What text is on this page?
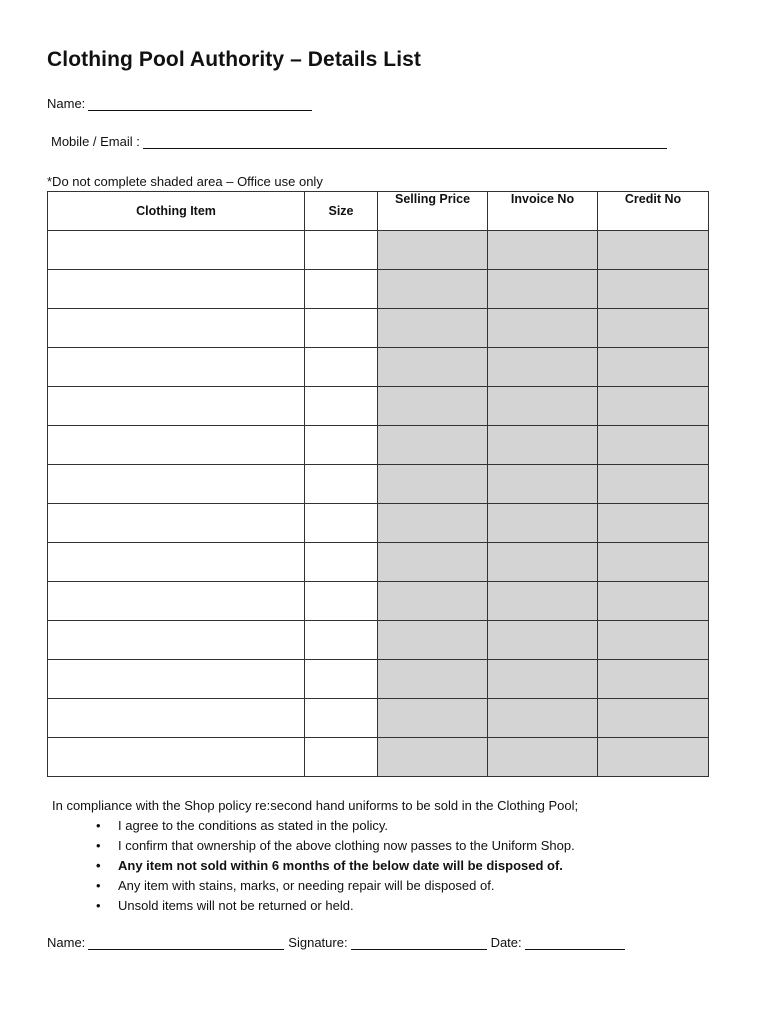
Clothing Pool Authority – Details List
Name:
Mobile / Email :
*Do not complete shaded area – Office use only
Clothing Item	Size	Selling Price	Invoice No	Credit No

In compliance with the Shop policy re:second hand uniforms to be sold in the Clothing Pool;
• I agree to the conditions as stated in the policy.
• I confirm that ownership of the above clothing now passes to the Uniform Shop.
• Any item not sold within 6 months of the below date will be disposed of.
• Any item with stains, marks, or needing repair will be disposed of.
• Unsold items will not be returned or held.
Name:	Signature:	Date:
